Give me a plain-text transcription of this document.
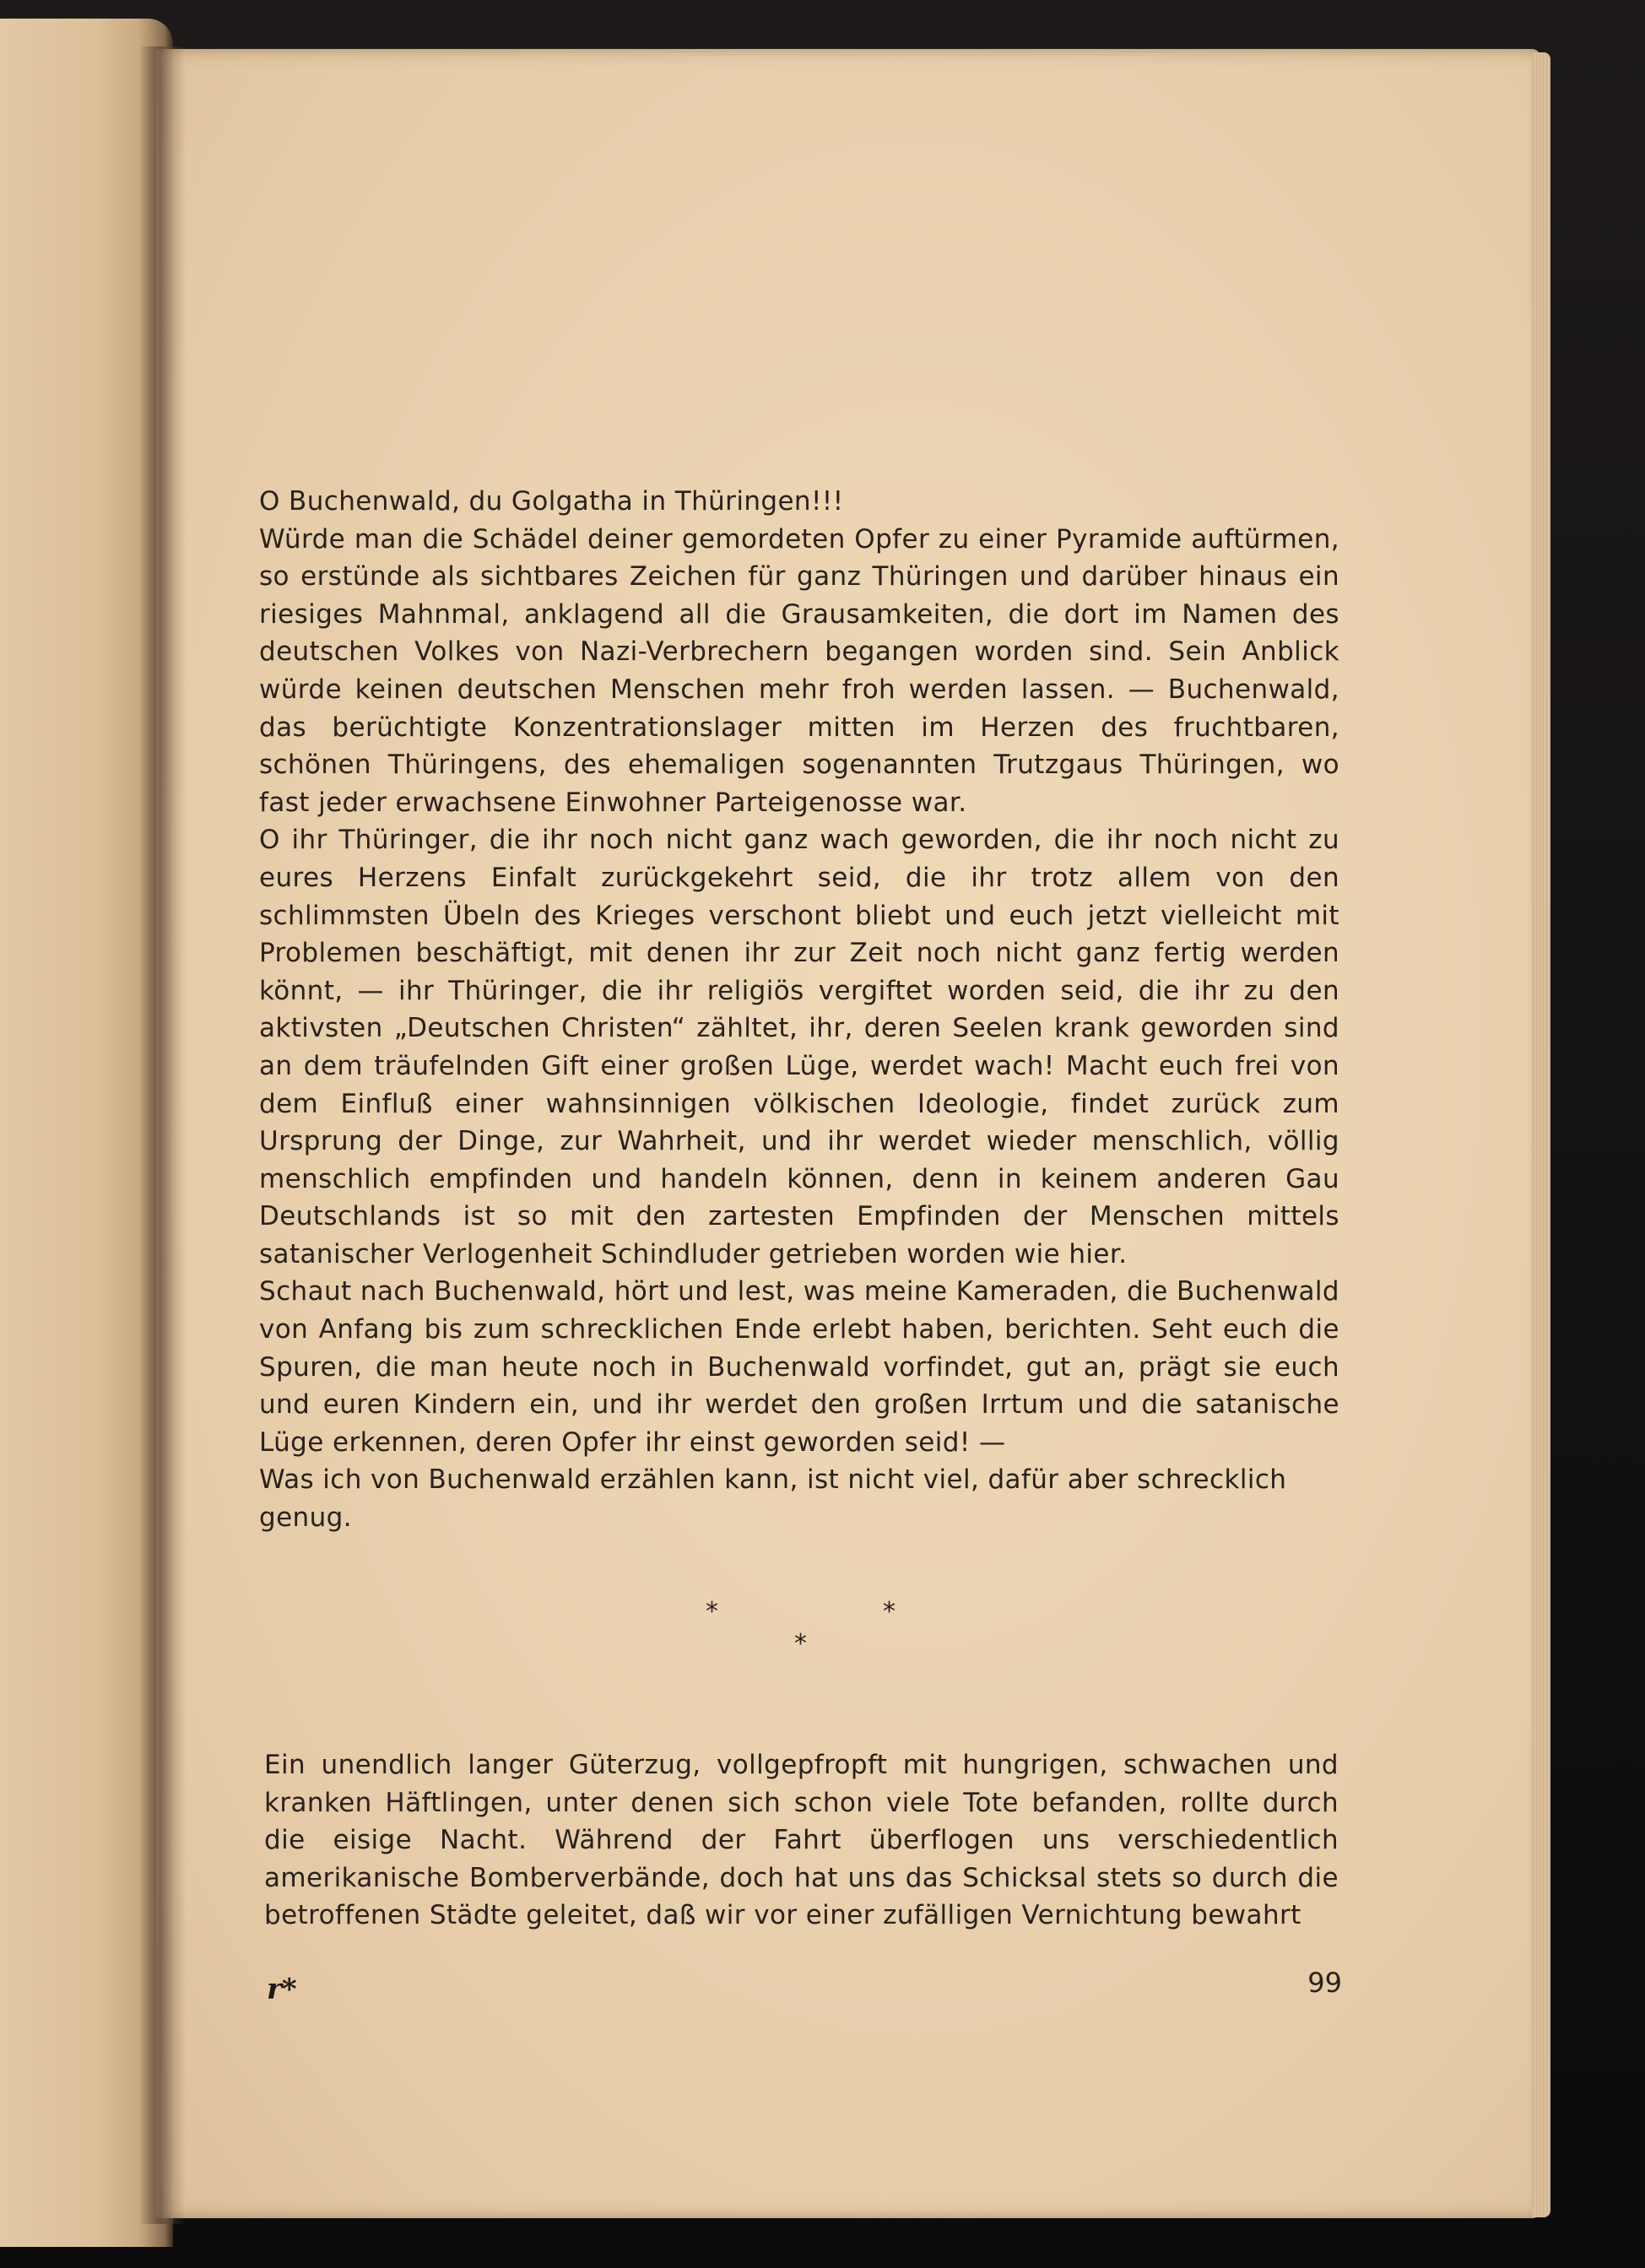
O Buchenwald, du Golgatha in Thüringen!!!

Würde man die Schädel deiner gemordeten Opfer zu einer Pyramide auftürmen, so erstünde als sichtbares Zeichen für ganz Thüringen und darüber hinaus ein riesiges Mahnmal, anklagend all die Grausamkeiten, die dort im Namen des deutschen Volkes von Nazi-Verbrechern begangen worden sind. Sein Anblick würde keinen deutschen Menschen mehr froh werden lassen. — Buchenwald, das berüchtigte Konzentrationslager mitten im Herzen des fruchtbaren, schönen Thüringens, des ehemaligen sogenannten Trutzgaus Thüringen, wo fast jeder erwachsene Einwohner Parteigenosse war.

O ihr Thüringer, die ihr noch nicht ganz wach geworden, die ihr noch nicht zu eures Herzens Einfalt zurückgekehrt seid, die ihr trotz allem von den schlimmsten Übeln des Krieges verschont bliebt und euch jetzt vielleicht mit Problemen beschäftigt, mit denen ihr zur Zeit noch nicht ganz fertig werden könnt, — ihr Thüringer, die ihr religiös vergiftet worden seid, die ihr zu den aktivsten „Deutschen Christen“ zähltet, ihr, deren Seelen krank geworden sind an dem träufelnden Gift einer großen Lüge, werdet wach! Macht euch frei von dem Einfluß einer wahnsinnigen völkischen Ideologie, findet zurück zum Ursprung der Dinge, zur Wahrheit, und ihr werdet wieder menschlich, völlig menschlich empfinden und handeln können, denn in keinem anderen Gau Deutschlands ist so mit den zartesten Empfinden der Menschen mittels satanischer Verlogenheit Schindluder getrieben worden wie hier.

Schaut nach Buchenwald, hört und lest, was meine Kameraden, die Buchenwald von Anfang bis zum schrecklichen Ende erlebt haben, berichten. Seht euch die Spuren, die man heute noch in Buchenwald vorfindet, gut an, prägt sie euch und euren Kindern ein, und ihr werdet den großen Irrtum und die satanische Lüge erkennen, deren Opfer ihr einst geworden seid! —

Was ich von Buchenwald erzählen kann, ist nicht viel, dafür aber schrecklich genug.

*	*
*

Ein unendlich langer Güterzug, vollgepfropft mit hungrigen, schwachen und kranken Häftlingen, unter denen sich schon viele Tote befanden, rollte durch die eisige Nacht. Während der Fahrt überflogen uns verschiedentlich amerikanische Bomberverbände, doch hat uns das Schicksal stets so durch die betroffenen Städte geleitet, daß wir vor einer zufälligen Vernichtung bewahrt

r*	99
